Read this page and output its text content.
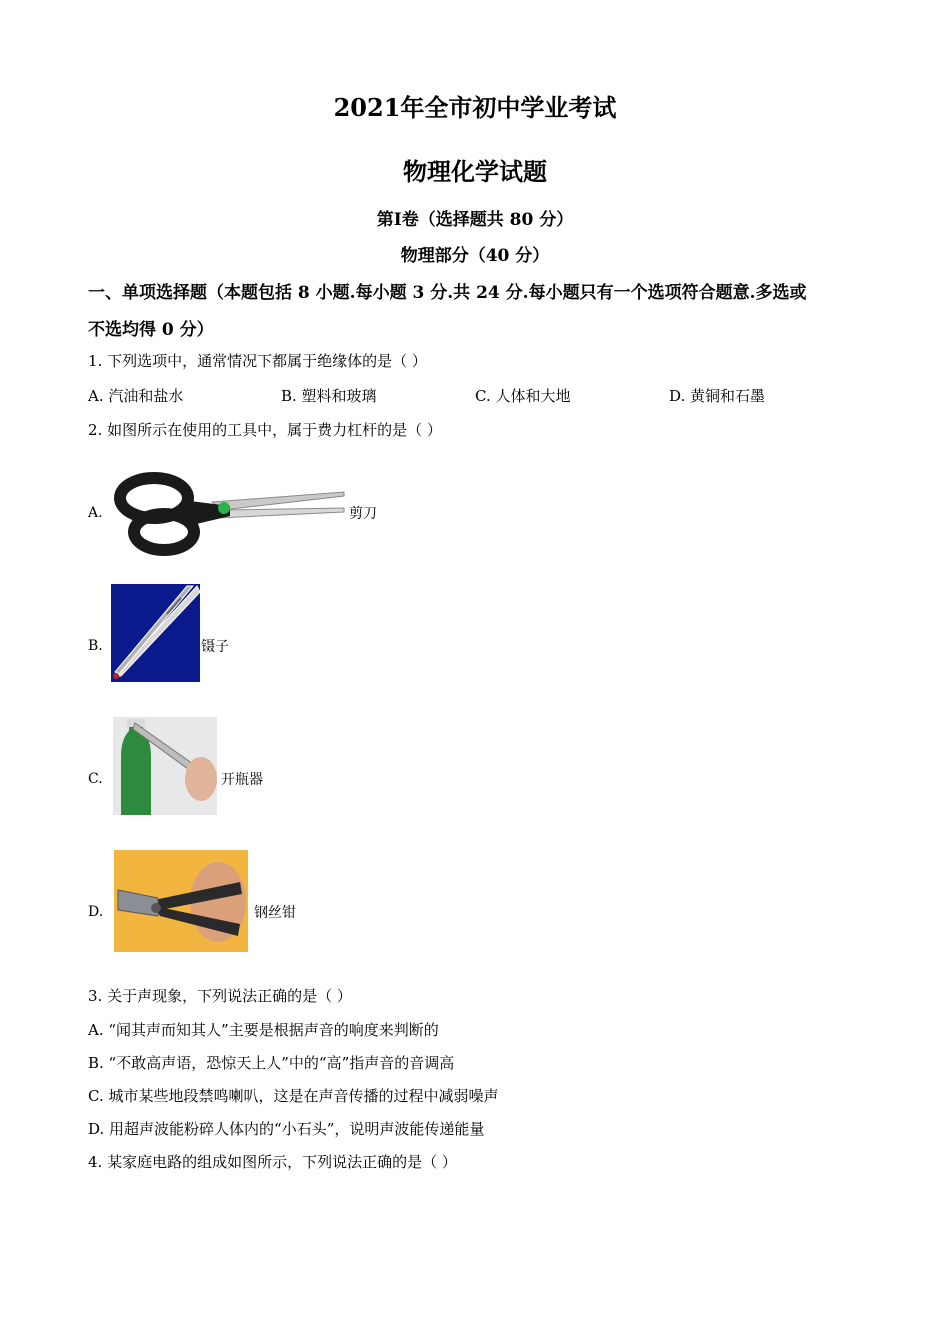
2021年全市初中学业考试
物理化学试题
第Ⅰ卷（选择题共 80 分）
物理部分（40 分）
一、单项选择题（本题包括 8 小题.每小题 3 分.共 24 分.每小题只有一个选项符合题意.多选或
不选均得 0 分）
1. 下列选项中，通常情况下都属于绝缘体的是（ ）
A. 汽油和盐水	B. 塑料和玻璃	C. 人体和大地	D. 黄铜和石墨
2. 如图所示在使用的工具中，属于费力杠杆的是（ ）
A.	剪刀
B.	镊子
C.	开瓶器
D.	钢丝钳
3. 关于声现象，下列说法正确的是（ ）
A. “闻其声而知其人”主要是根据声音的响度来判断的
B. “不敢高声语，恐惊天上人”中的“高”指声音的音调高
C. 城市某些地段禁鸣喇叭，这是在声音传播的过程中减弱噪声
D. 用超声波能粉碎人体内的“小石头”，说明声波能传递能量
4. 某家庭电路的组成如图所示，下列说法正确的是（ ）
